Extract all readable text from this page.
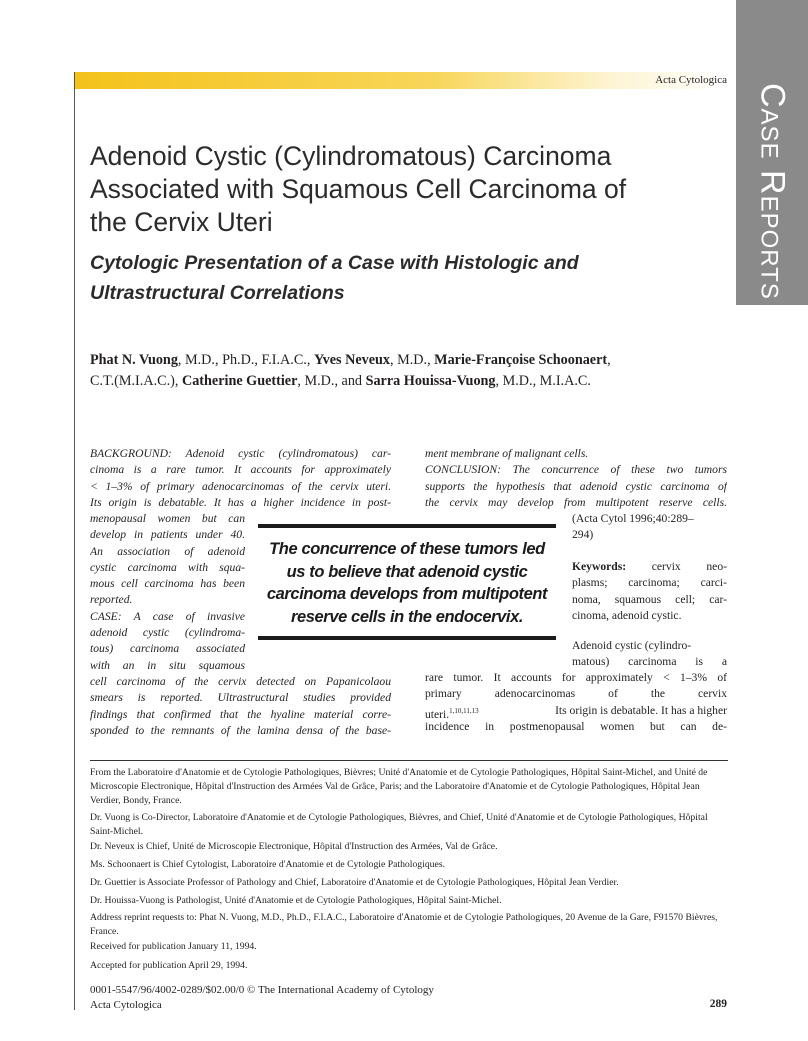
Case Reports
Acta Cytologica
Adenoid Cystic (Cylindromatous) Carcinoma
Associated with Squamous Cell Carcinoma of
the Cervix Uteri
Cytologic Presentation of a Case with Histologic and
Ultrastructural Correlations
Phat N. Vuong, M.D., Ph.D., F.I.A.C., Yves Neveux, M.D., Marie-Françoise Schoonaert,
C.T.(M.I.A.C.), Catherine Guettier, M.D., and Sarra Houissa-Vuong, M.D., M.I.A.C.
BACKGROUND: Adenoid cystic (cylindromatous) car-
cinoma is a rare tumor. It accounts for approximately
< 1–3% of primary adenocarcinomas of the cervix uteri.
Its origin is debatable. It has a higher incidence in post-
menopausal women but can
develop in patients under 40.
An association of adenoid
cystic carcinoma with squa-
mous cell carcinoma has been
reported.
CASE: A case of invasive
adenoid cystic (cylindroma-
tous) carcinoma associated
with an in situ squamous
cell carcinoma of the cervix detected on Papanicolaou
smears is reported. Ultrastructural studies provided
findings that confirmed that the hyaline material corre-
sponded to the remnants of the lamina densa of the base-
ment membrane of malignant cells.
CONCLUSION: The concurrence of these two tumors
supports the hypothesis that adenoid cystic carcinoma of
the cervix may develop from multipotent reserve cells.
(Acta Cytol 1996;40:289–
294)
Keywords: cervix neo-
plasms; carcinoma; carci-
noma, squamous cell; car-
cinoma, adenoid cystic.
Adenoid cystic (cylindro-
matous) carcinoma is a
rare tumor. It accounts for approximately < 1–3% of
primary adenocarcinomas of the cervix
uteri.$^{1,10,11,13}$	Its origin is debatable. It has a higher
incidence in postmenopausal women but can de-
The concurrence of these tumors led
us to believe that adenoid cystic
carcinoma develops from multipotent
reserve cells in the endocervix.
From the Laboratoire d'Anatomie et de Cytologie Pathologiques, Bièvres; Unité d'Anatomie et de Cytologie Pathologiques, Hôpital Saint-Michel, and Unité de Microscopie Electronique, Hôpital d'Instruction des Armées Val de Grâce, Paris; and the Laboratoire d'Anatomie et de Cytologie Pathologiques, Hôpital Jean Verdier, Bondy, France.
Dr. Vuong is Co-Director, Laboratoire d'Anatomie et de Cytologie Pathologiques, Bièvres, and Chief, Unité d'Anatomie et de Cytologie Pathologiques, Hôpital Saint-Michel.
Dr. Neveux is Chief, Unité de Microscopie Electronique, Hôpital d'Instruction des Armées, Val de Grâce.
Ms. Schoonaert is Chief Cytologist, Laboratoire d'Anatomie et de Cytologie Pathologiques.
Dr. Guettier is Associate Professor of Pathology and Chief, Laboratoire d'Anatomie et de Cytologie Pathologiques, Hôpital Jean Verdier.
Dr. Houissa-Vuong is Pathologist, Unité d'Anatomie et de Cytologie Pathologiques, Hôpital Saint-Michel.
Address reprint requests to: Phat N. Vuong, M.D., Ph.D., F.I.A.C., Laboratoire d'Anatomie et de Cytologie Pathologiques, 20 Avenue de la Gare, F91570 Bièvres, France.
Received for publication January 11, 1994.
Accepted for publication April 29, 1994.
0001-5547/96/4002-0289/$02.00/0 © The International Academy of Cytology
Acta Cytologica	289
